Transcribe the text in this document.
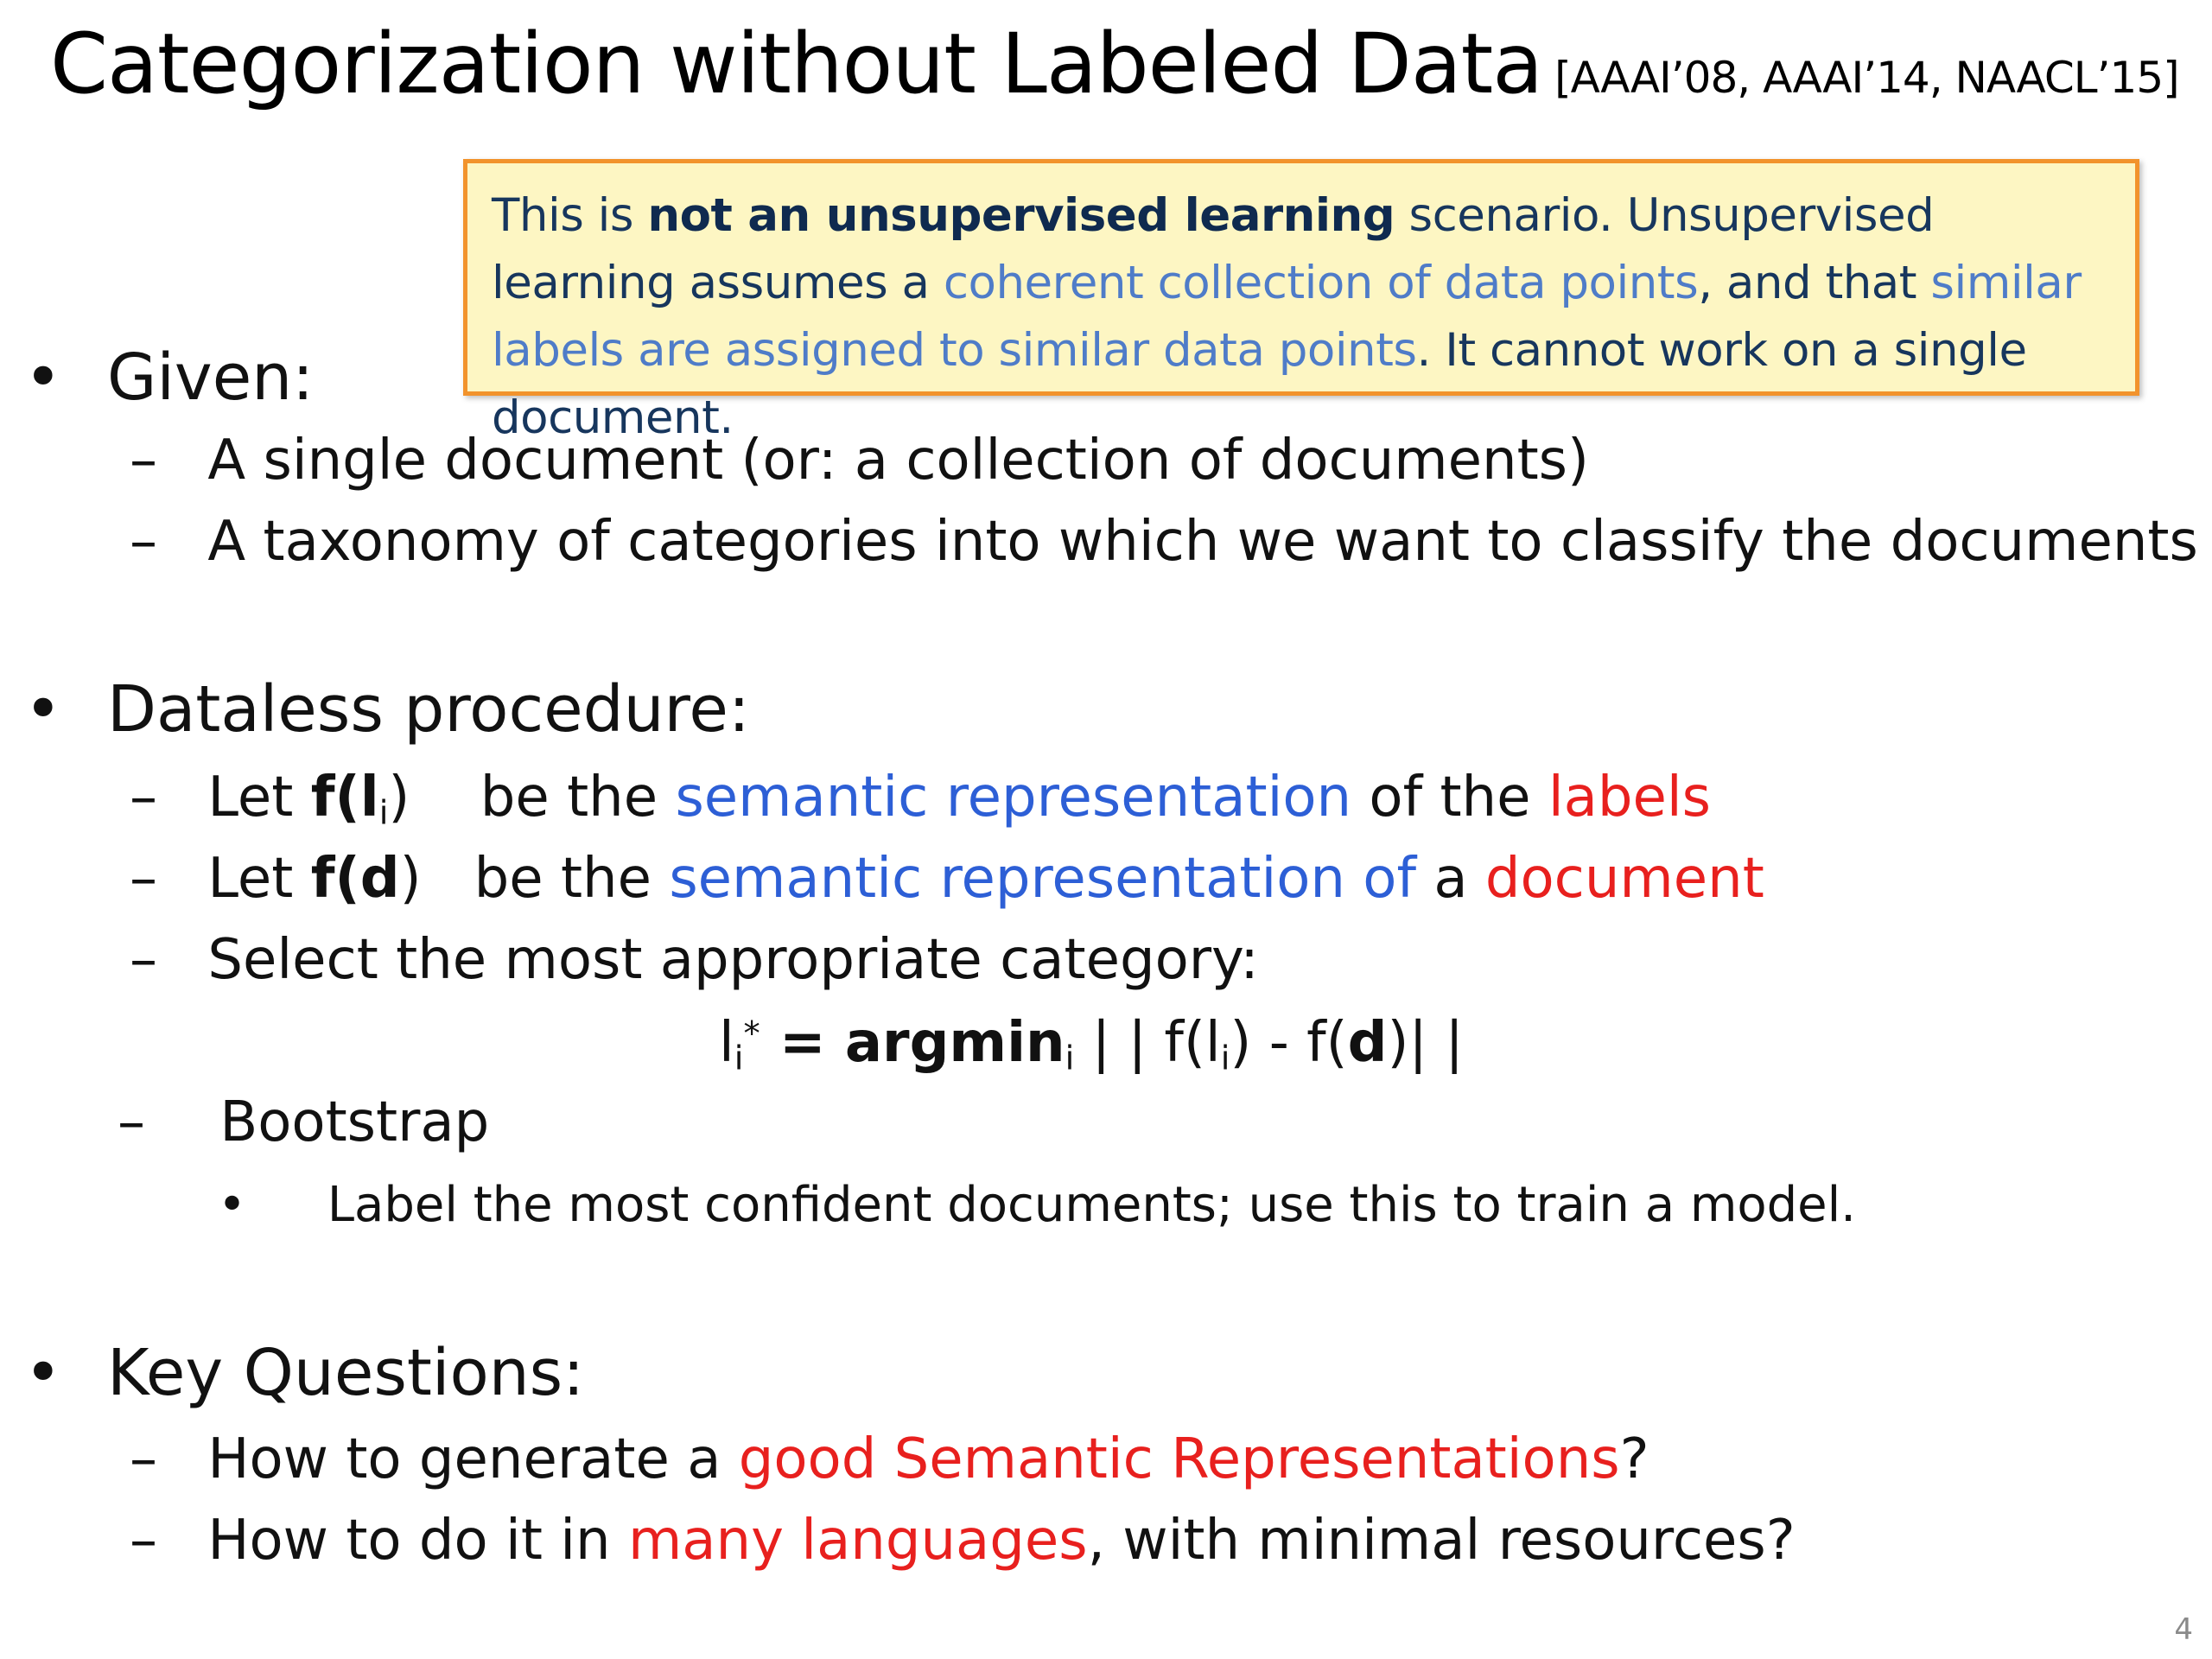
Categorization without Labeled Data [AAAI’08, AAAI’14, NAACL’15]
This is not an unsupervised learning scenario. Unsupervised learning assumes a coherent collection of data points, and that similar labels are assigned to similar data points. It cannot work on a single document.
• Given:
– A single document (or: a collection of documents)
– A taxonomy of categories into which we want to classify the documents
• Dataless procedure:
– Let $f(l_i)$    be the semantic representation of the labels
– Let f(d)   be the semantic representation of a document
– Select the most appropriate category:
$l_i^* = argmin_i$ | | $f(l_i) - f(d)|$ |
– Bootstrap
• Label the most confident documents; use this to train a model.
• Key Questions:
– How to generate a good Semantic Representations?
– How to do it in many languages, with minimal resources?
4
